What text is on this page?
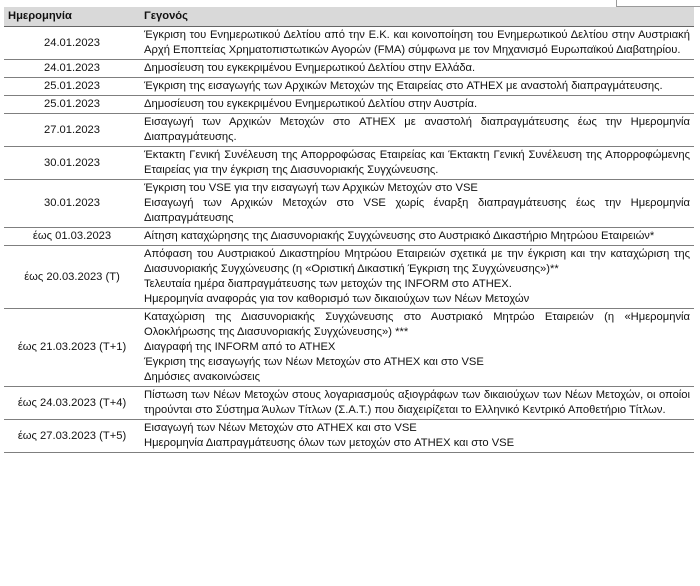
Ημερομηνία	Γεγονός
24.01.2023	Έγκριση του Ενημερωτικού Δελτίου από την Ε.Κ. και κοινοποίηση του Ενημερωτικού Δελτίου στην Αυστριακή Αρχή Εποπτείας Χρηματοπιστωτικών Αγορών (FMA) σύμφωνα με τον Μηχανισμό Ευρωπαϊκού Διαβατηρίου.

24.01.2023	Δημοσίευση του εγκεκριμένου Ενημερωτικού Δελτίου στην Ελλάδα.

25.01.2023	Έγκριση της εισαγωγής των Αρχικών Μετοχών της Εταιρείας στο ATHEX με αναστολή διαπραγμάτευσης.

25.01.2023	Δημοσίευση του εγκεκριμένου Ενημερωτικού Δελτίου στην Αυστρία.

27.01.2023	Εισαγωγή των Αρχικών Μετοχών στο ATHEX με αναστολή διαπραγμάτευσης έως την Ημερομηνία Διαπραγμάτευσης.

30.01.2023	Έκτακτη Γενική Συνέλευση της Απορροφώσας Εταιρείας και Έκτακτη Γενική Συνέλευση της Απορροφώμενης Εταιρείας για την έγκριση της Διασυνοριακής Συγχώνευσης.

30.01.2023	Έγκριση του VSE για την εισαγωγή των Αρχικών Μετοχών στο VSE
Εισαγωγή των Αρχικών Μετοχών στο VSE χωρίς έναρξη διαπραγμάτευσης έως την Ημερομηνία Διαπραγμάτευσης

έως 01.03.2023	Αίτηση καταχώρησης της Διασυνοριακής Συγχώνευσης στο Αυστριακό Δικαστήριο Μητρώου Εταιρειών*

έως 20.03.2023 (Τ)	Απόφαση του Αυστριακού Δικαστηρίου Μητρώου Εταιρειών σχετικά με την έγκριση και την καταχώριση της Διασυνοριακής Συγχώνευσης (η «Οριστική Δικαστική Έγκριση της Συγχώνευσης»)**
Τελευταία ημέρα διαπραγμάτευσης των μετοχών της INFORM στο ATHEX.
Ημερομηνία αναφοράς για τον καθορισμό των δικαιούχων των Νέων Μετοχών

έως 21.03.2023 (T+1)	Καταχώριση της Διασυνοριακής Συγχώνευσης στο Αυστριακό Μητρώο Εταιρειών (η «Ημερομηνία Ολοκλήρωσης της Διασυνοριακής Συγχώνευσης») ***
Διαγραφή της INFORM από το ATHEX
Έγκριση της εισαγωγής των Νέων Μετοχών στο ATHEX και στο VSE
Δημόσιες ανακοινώσεις

έως 24.03.2023 (T+4)	Πίστωση των Νέων Μετοχών στους λογαριασμούς αξιογράφων των δικαιούχων των Νέων Μετοχών, οι οποίοι τηρούνται στο Σύστημα Άυλων Τίτλων (Σ.Α.Τ.) που διαχειρίζεται το Ελληνικό Κεντρικό Αποθετήριο Τίτλων.

έως 27.03.2023 (T+5)	Εισαγωγή των Νέων Μετοχών στο ATHEX και στο VSE
Ημερομηνία Διαπραγμάτευσης όλων των μετοχών στο ATHEX και στο VSE
